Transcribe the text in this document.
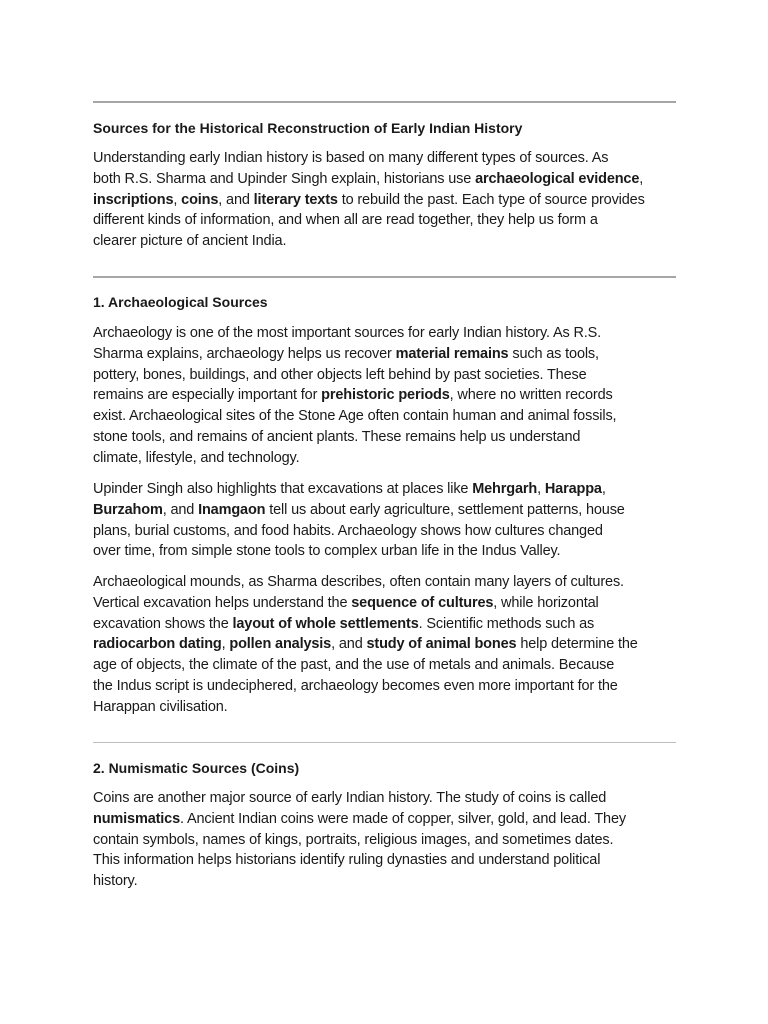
Sources for the Historical Reconstruction of Early Indian History

Understanding early Indian history is based on many different types of sources. As
both R.S. Sharma and Upinder Singh explain, historians use archaeological evidence,
inscriptions, coins, and literary texts to rebuild the past. Each type of source provides
different kinds of information, and when all are read together, they help us form a
clearer picture of ancient India.

1. Archaeological Sources

Archaeology is one of the most important sources for early Indian history. As R.S.
Sharma explains, archaeology helps us recover material remains such as tools,
pottery, bones, buildings, and other objects left behind by past societies. These
remains are especially important for prehistoric periods, where no written records
exist. Archaeological sites of the Stone Age often contain human and animal fossils,
stone tools, and remains of ancient plants. These remains help us understand
climate, lifestyle, and technology.

Upinder Singh also highlights that excavations at places like Mehrgarh, Harappa,
Burzahom, and Inamgaon tell us about early agriculture, settlement patterns, house
plans, burial customs, and food habits. Archaeology shows how cultures changed
over time, from simple stone tools to complex urban life in the Indus Valley.

Archaeological mounds, as Sharma describes, often contain many layers of cultures.
Vertical excavation helps understand the sequence of cultures, while horizontal
excavation shows the layout of whole settlements. Scientific methods such as
radiocarbon dating, pollen analysis, and study of animal bones help determine the
age of objects, the climate of the past, and the use of metals and animals. Because
the Indus script is undeciphered, archaeology becomes even more important for the
Harappan civilisation.

2. Numismatic Sources (Coins)

Coins are another major source of early Indian history. The study of coins is called
numismatics. Ancient Indian coins were made of copper, silver, gold, and lead. They
contain symbols, names of kings, portraits, religious images, and sometimes dates.
This information helps historians identify ruling dynasties and understand political
history.
